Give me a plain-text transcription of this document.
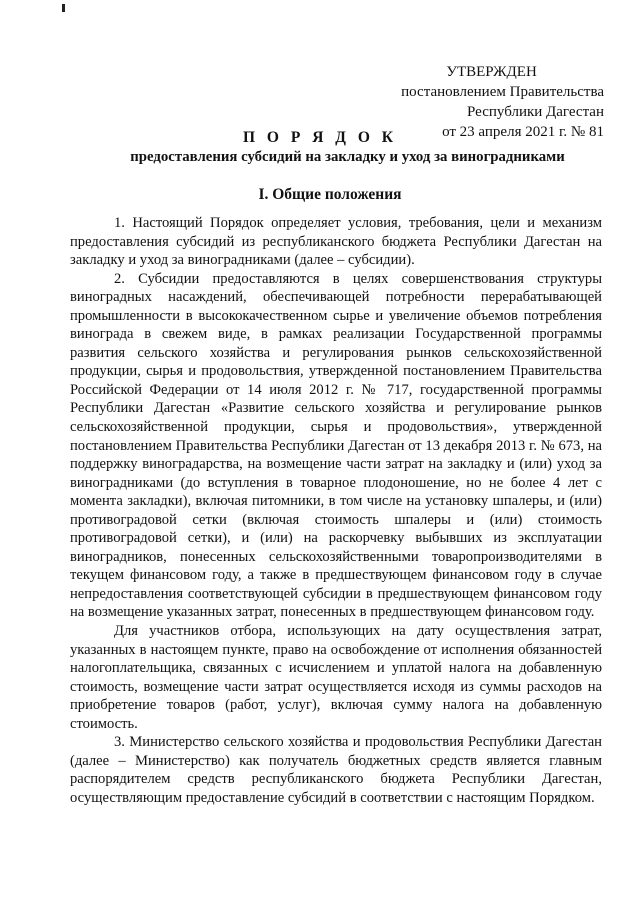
УТВЕРЖДЕН
постановлением Правительства
Республики Дагестан
от 23 апреля 2021 г. № 81
П О Р Я Д О К
предоставления субсидий на закладку и уход за виноградниками
I. Общие положения

1. Настоящий Порядок определяет условия, требования, цели и механизм предоставления субсидий из республиканского бюджета Республики Дагестан на закладку и уход за виноградниками (далее – субсидии).

2. Субсидии предоставляются в целях совершенствования структуры виноградных насаждений, обеспечивающей потребности перерабатывающей промышленности в высококачественном сырье и увеличение объемов потребления винограда в свежем виде, в рамках реализации Государственной программы развития сельского хозяйства и регулирования рынков сельскохозяйственной продукции, сырья и продовольствия, утвержденной постановлением Правительства Российской Федерации от 14 июля 2012 г. № 717, государственной программы Республики Дагестан «Развитие сельского хозяйства и регулирование рынков сельскохозяйственной продукции, сырья и продовольствия», утвержденной постановлением Правительства Республики Дагестан от 13 декабря 2013 г. № 673, на поддержку виноградарства, на возмещение части затрат на закладку и (или) уход за виноградниками (до вступления в товарное плодоношение, но не более 4 лет с момента закладки), включая питомники, в том числе на установку шпалеры, и (или) противоградовой сетки (включая стоимость шпалеры и (или) стоимость противоградовой сетки), и (или) на раскорчевку выбывших из эксплуатации виноградников, понесенных сельскохозяйственными товаропроизводителями в текущем финансовом году, а также в предшествующем финансовом году в случае непредоставления соответствующей субсидии в предшествующем финансовом году на возмещение указанных затрат, понесенных в предшествующем финансовом году.

Для участников отбора, использующих на дату осуществления затрат, указанных в настоящем пункте, право на освобождение от исполнения обязанностей налогоплательщика, связанных с исчислением и уплатой налога на добавленную стоимость, возмещение части затрат осуществляется исходя из суммы расходов на приобретение товаров (работ, услуг), включая сумму налога на добавленную стоимость.

3. Министерство сельского хозяйства и продовольствия Республики Дагестан (далее – Министерство) как получатель бюджетных средств является главным распорядителем средств республиканского бюджета Республики Дагестан, осуществляющим предоставление субсидий в соответствии с настоящим Порядком.
